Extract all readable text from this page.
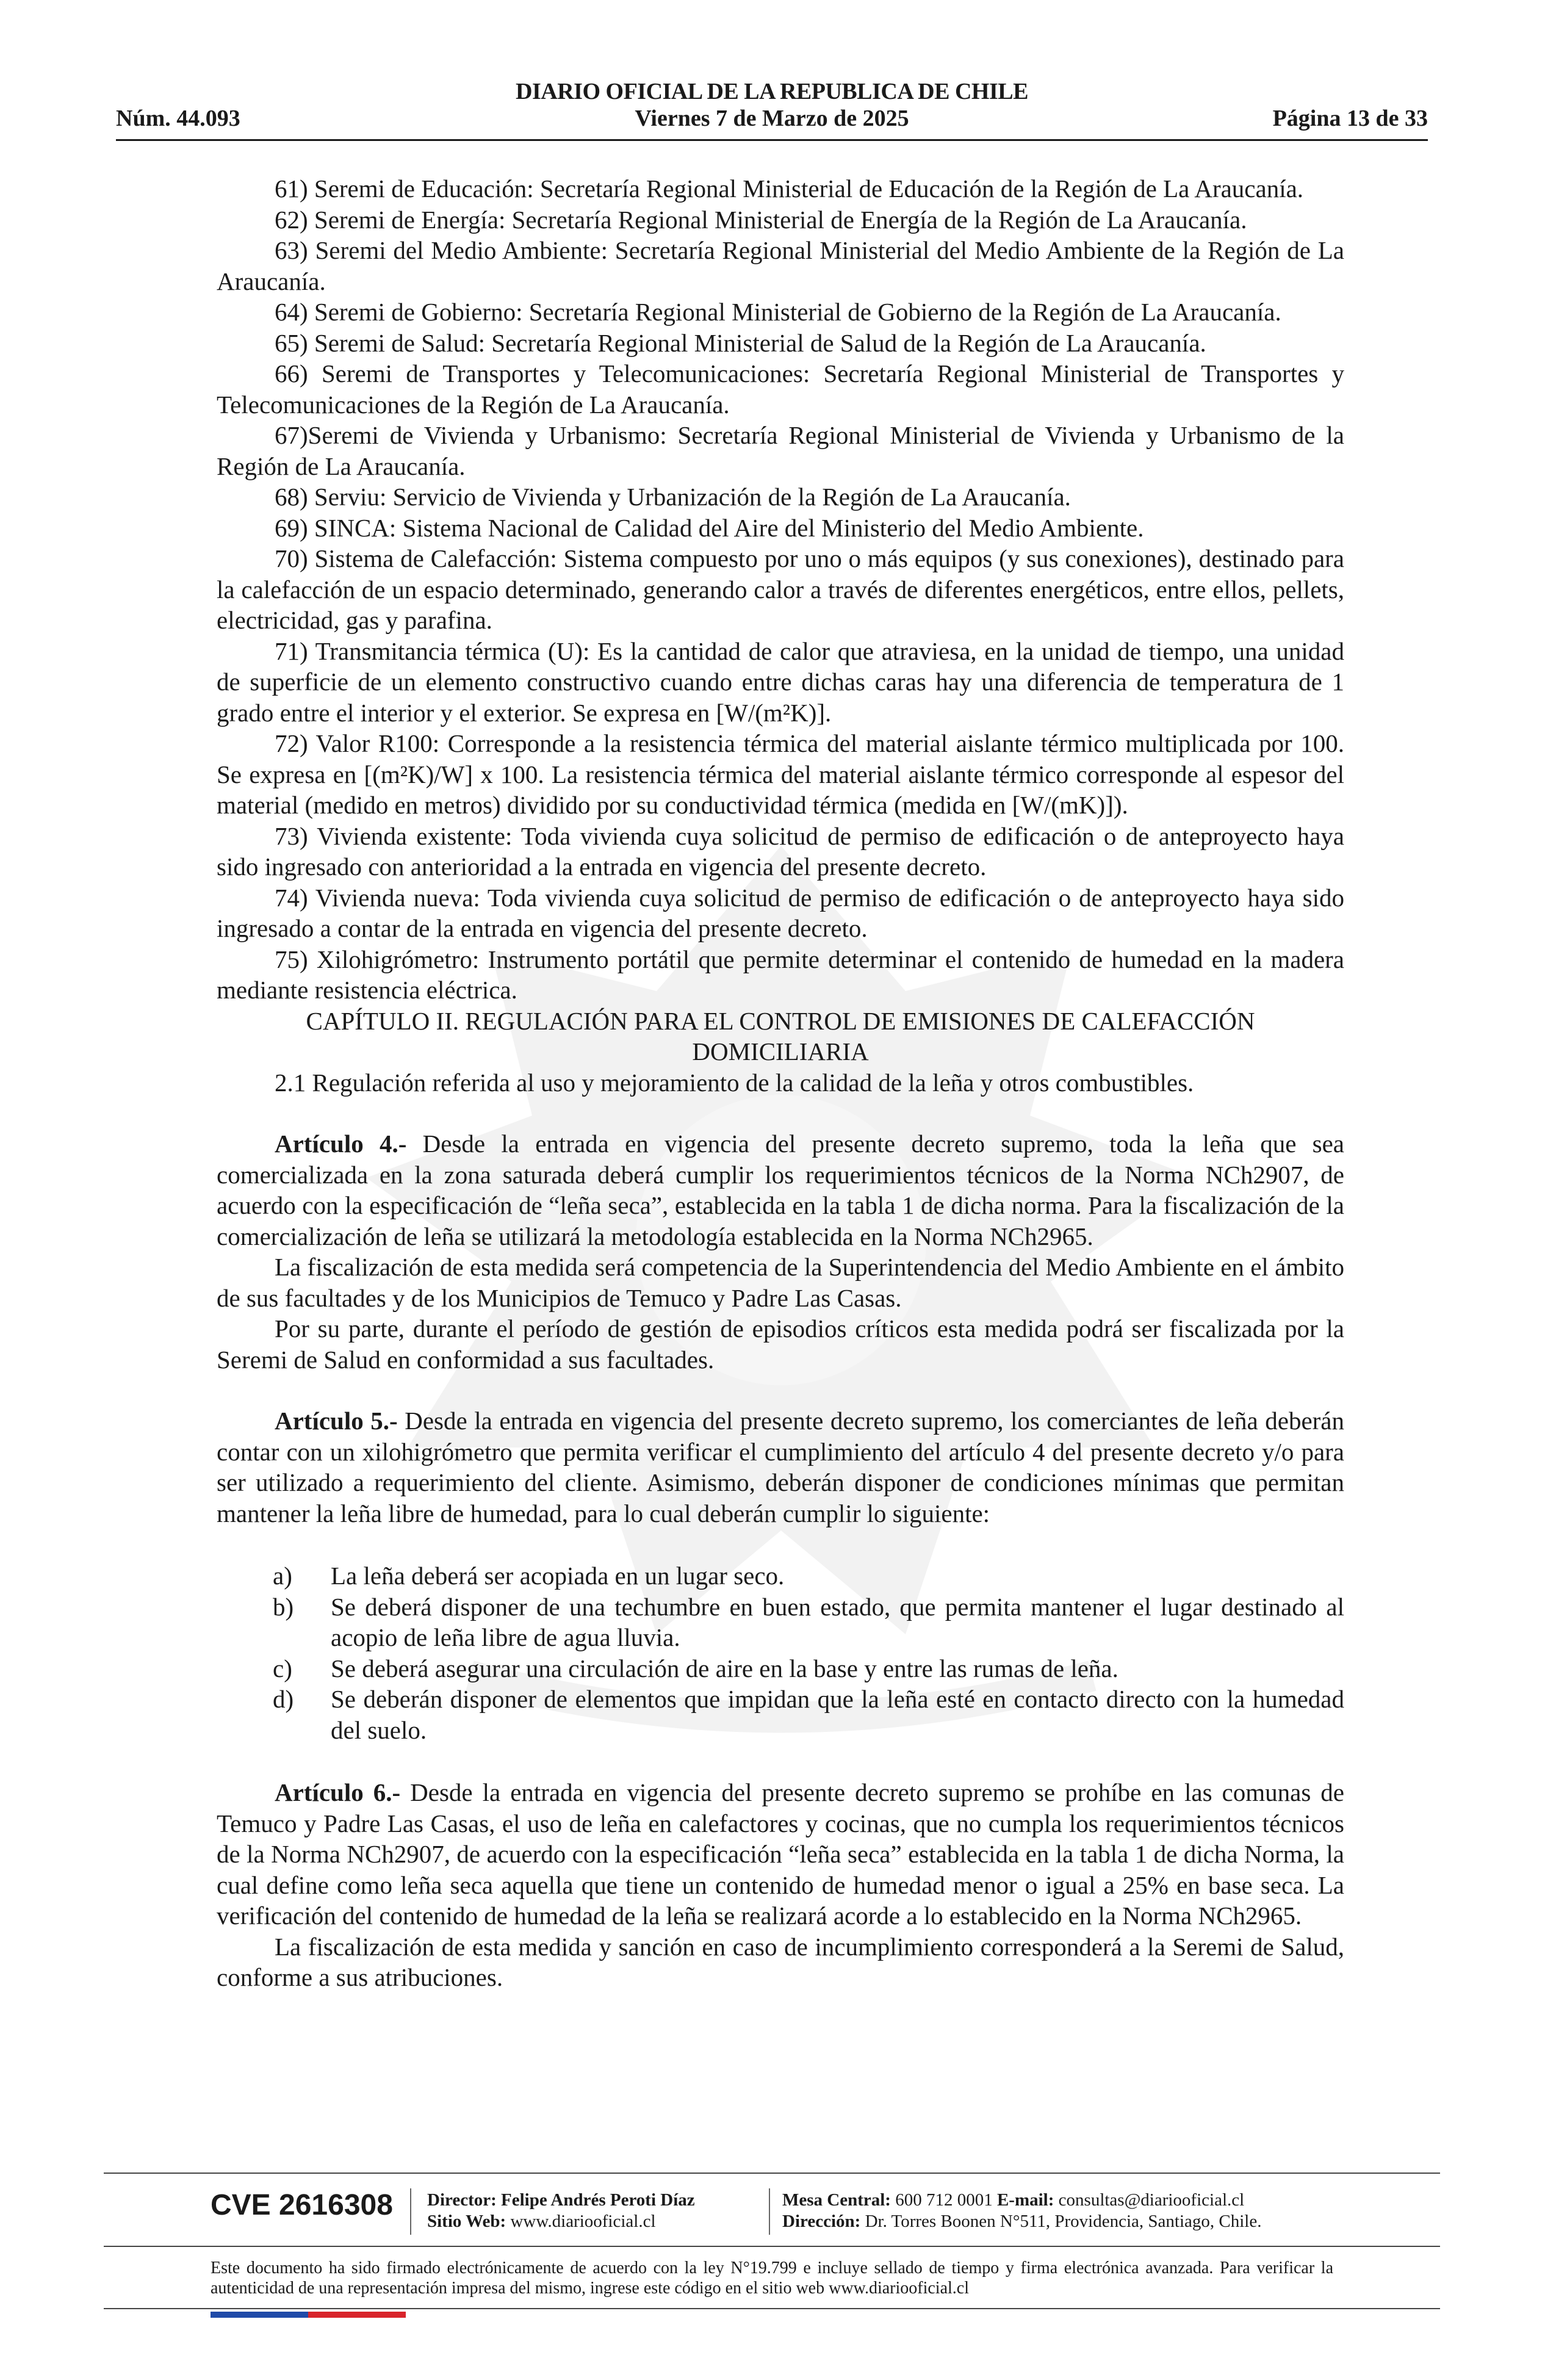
DIARIO OFICIAL DE LA REPUBLICA DE CHILE
Núm. 44.093	Viernes 7 de Marzo de 2025	Página 13 de 33

61) Seremi de Educación: Secretaría Regional Ministerial de Educación de la Región de La Araucanía.

62) Seremi de Energía: Secretaría Regional Ministerial de Energía de la Región de La Araucanía.

63) Seremi del Medio Ambiente: Secretaría Regional Ministerial del Medio Ambiente de la Región de La Araucanía.

64) Seremi de Gobierno: Secretaría Regional Ministerial de Gobierno de la Región de La Araucanía.

65) Seremi de Salud: Secretaría Regional Ministerial de Salud de la Región de La Araucanía.

66) Seremi de Transportes y Telecomunicaciones: Secretaría Regional Ministerial de Transportes y Telecomunicaciones de la Región de La Araucanía.

67)Seremi de Vivienda y Urbanismo: Secretaría Regional Ministerial de Vivienda y Urbanismo de la Región de La Araucanía.

68) Serviu: Servicio de Vivienda y Urbanización de la Región de La Araucanía.

69) SINCA: Sistema Nacional de Calidad del Aire del Ministerio del Medio Ambiente.

70) Sistema de Calefacción: Sistema compuesto por uno o más equipos (y sus conexiones), destinado para la calefacción de un espacio determinado, generando calor a través de diferentes energéticos, entre ellos, pellets, electricidad, gas y parafina.

71) Transmitancia térmica (U): Es la cantidad de calor que atraviesa, en la unidad de tiempo, una unidad de superficie de un elemento constructivo cuando entre dichas caras hay una diferencia de temperatura de 1 grado entre el interior y el exterior. Se expresa en [W/(m²K)].

72) Valor R100: Corresponde a la resistencia térmica del material aislante térmico multiplicada por 100. Se expresa en [(m²K)/W] x 100. La resistencia térmica del material aislante térmico corresponde al espesor del material (medido en metros) dividido por su conductividad térmica (medida en [W/(mK)]).

73) Vivienda existente: Toda vivienda cuya solicitud de permiso de edificación o de anteproyecto haya sido ingresado con anterioridad a la entrada en vigencia del presente decreto.

74) Vivienda nueva: Toda vivienda cuya solicitud de permiso de edificación o de anteproyecto haya sido ingresado a contar de la entrada en vigencia del presente decreto.

75) Xilohigrómetro: Instrumento portátil que permite determinar el contenido de humedad en la madera mediante resistencia eléctrica.

CAPÍTULO II. REGULACIÓN PARA EL CONTROL DE EMISIONES DE CALEFACCIÓN DOMICILIARIA

2.1 Regulación referida al uso y mejoramiento de la calidad de la leña y otros combustibles.

Artículo 4.- Desde la entrada en vigencia del presente decreto supremo, toda la leña que sea comercializada en la zona saturada deberá cumplir los requerimientos técnicos de la Norma NCh2907, de acuerdo con la especificación de “leña seca”, establecida en la tabla 1 de dicha norma. Para la fiscalización de la comercialización de leña se utilizará la metodología establecida en la Norma NCh2965.

La fiscalización de esta medida será competencia de la Superintendencia del Medio Ambiente en el ámbito de sus facultades y de los Municipios de Temuco y Padre Las Casas.

Por su parte, durante el período de gestión de episodios críticos esta medida podrá ser fiscalizada por la Seremi de Salud en conformidad a sus facultades.

Artículo 5.- Desde la entrada en vigencia del presente decreto supremo, los comerciantes de leña deberán contar con un xilohigrómetro que permita verificar el cumplimiento del artículo 4 del presente decreto y/o para ser utilizado a requerimiento del cliente. Asimismo, deberán disponer de condiciones mínimas que permitan mantener la leña libre de humedad, para lo cual deberán cumplir lo siguiente:

a)	La leña deberá ser acopiada en un lugar seco.
b)	Se deberá disponer de una techumbre en buen estado, que permita mantener el lugar destinado al acopio de leña libre de agua lluvia.
c)	Se deberá asegurar una circulación de aire en la base y entre las rumas de leña.
d)	Se deberán disponer de elementos que impidan que la leña esté en contacto directo con la humedad del suelo.

Artículo 6.- Desde la entrada en vigencia del presente decreto supremo se prohíbe en las comunas de Temuco y Padre Las Casas, el uso de leña en calefactores y cocinas, que no cumpla los requerimientos técnicos de la Norma NCh2907, de acuerdo con la especificación “leña seca” establecida en la tabla 1 de dicha Norma, la cual define como leña seca aquella que tiene un contenido de humedad menor o igual a 25% en base seca. La verificación del contenido de humedad de la leña se realizará acorde a lo establecido en la Norma NCh2965.

La fiscalización de esta medida y sanción en caso de incumplimiento corresponderá a la Seremi de Salud, conforme a sus atribuciones.

CVE 2616308 Director: Felipe Andrés Peroti Díaz
Sitio Web: www.diariooficial.cl
Mesa Central: 600 712 0001 E-mail: consultas@diariooficial.cl
Dirección: Dr. Torres Boonen N°511, Providencia, Santiago, Chile.
Este documento ha sido firmado electrónicamente de acuerdo con la ley N°19.799 e incluye sellado de tiempo y firma electrónica avanzada. Para verificar la autenticidad de una representación impresa del mismo, ingrese este código en el sitio web www.diariooficial.cl
